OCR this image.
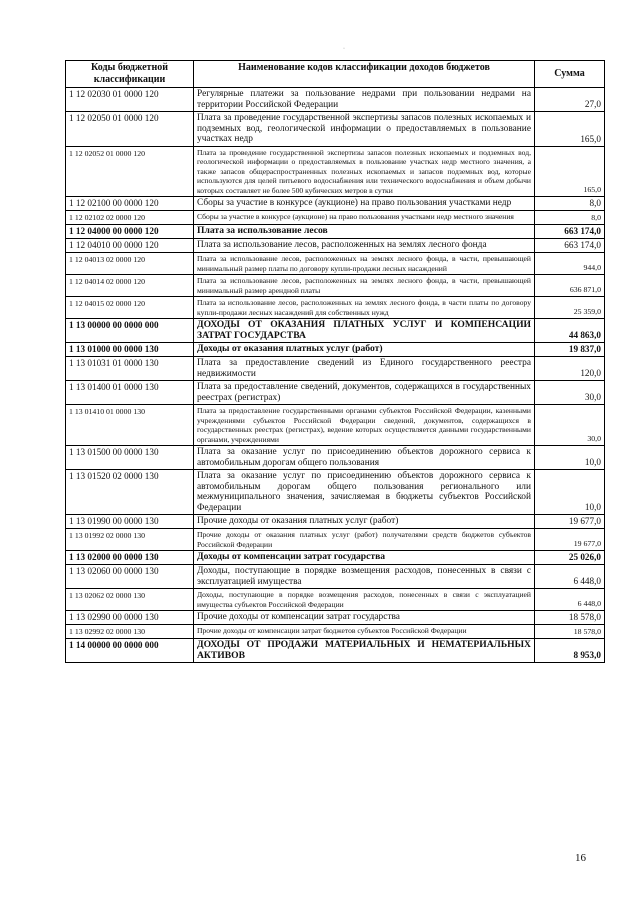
·
Коды бюджетной классификации	Наименование кодов классификации доходов бюджетов	Сумма
1 12 02030 01 0000 120	Регулярные платежи за пользование недрами при пользовании недрами на территории Российской Федерации	27,0
1 12 02050 01 0000 120	Плата за проведение государственной экспертизы запасов полезных ископаемых и подземных вод, геологической информации о предоставляемых в пользование участках недр	165,0
1 12 02052 01 0000 120	Плата за проведение государственной экспертизы запасов полезных ископаемых и подземных вод, геологической информации о предоставляемых в пользование участках недр местного значения, а также запасов общераспространенных полезных ископаемых и запасов подземных вод, которые используются для целей питьевого водоснабжения или технического водоснабжения и объем добычи которых составляет не более 500 кубических метров в сутки	165,0
1 12 02100 00 0000 120	Сборы за участие в конкурсе (аукционе) на право пользования участками недр	8,0
1 12 02102 02 0000 120	Сборы за участие в конкурсе (аукционе) на право пользования участками недр местного значения	8,0
1 12 04000 00 0000 120	Плата за использование лесов	663 174,0
1 12 04010 00 0000 120	Плата за использование лесов, расположенных на землях лесного фонда	663 174,0
1 12 04013 02 0000 120	Плата за использование лесов, расположенных на землях лесного фонда, в части, превышающей минимальный размер платы по договору купли-продажи лесных насаждений	944,0
1 12 04014 02 0000 120	Плата за использование лесов, расположенных на землях лесного фонда, в части, превышающей минимальный размер арендной платы	636 871,0
1 12 04015 02 0000 120	Плата за использование лесов, расположенных на землях лесного фонда, в части платы по договору купли-продажи лесных насаждений для собственных нужд	25 359,0
1 13 00000 00 0000 000	ДОХОДЫ ОТ ОКАЗАНИЯ ПЛАТНЫХ УСЛУГ И КОМПЕНСАЦИИ ЗАТРАТ ГОСУДАРСТВА	44 863,0
1 13 01000 00 0000 130	Доходы от оказания платных услуг (работ)	19 837,0
1 13 01031 01 0000 130	Плата за предоставление сведений из Единого государственного реестра недвижимости	120,0
1 13 01400 01 0000 130	Плата за предоставление сведений, документов, содержащихся в государственных реестрах (регистрах)	30,0
1 13 01410 01 0000 130	Плата за предоставление государственными органами субъектов Российской Федерации, казенными учреждениями субъектов Российской Федерации сведений, документов, содержащихся в государственных реестрах (регистрах), ведение которых осуществляется данными государственными органами, учреждениями	30,0
1 13 01500 00 0000 130	Плата за оказание услуг по присоединению объектов дорожного сервиса к автомобильным дорогам общего пользования	10,0
1 13 01520 02 0000 130	Плата за оказание услуг по присоединению объектов дорожного сервиса к автомобильным дорогам общего пользования регионального или межмуниципального значения, зачисляемая в бюджеты субъектов Российской Федерации	10,0
1 13 01990 00 0000 130	Прочие доходы от оказания платных услуг (работ)	19 677,0
1 13 01992 02 0000 130	Прочие доходы от оказания платных услуг (работ) получателями средств бюджетов субъектов Российской Федерации	19 677,0
1 13 02000 00 0000 130	Доходы от компенсации затрат государства	25 026,0
1 13 02060 00 0000 130	Доходы, поступающие в порядке возмещения расходов, понесенных в связи с эксплуатацией имущества	6 448,0
1 13 02062 02 0000 130	Доходы, поступающие в порядке возмещения расходов, понесенных в связи с эксплуатацией имущества субъектов Российской Федерации	6 448,0
1 13 02990 00 0000 130	Прочие доходы от компенсации затрат государства	18 578,0
1 13 02992 02 0000 130	Прочие доходы от компенсации затрат бюджетов субъектов Российской Федерации	18 578,0
1 14 00000 00 0000 000	ДОХОДЫ ОТ ПРОДАЖИ МАТЕРИАЛЬНЫХ И НЕМАТЕРИАЛЬНЫХ АКТИВОВ	8 953,0
16
